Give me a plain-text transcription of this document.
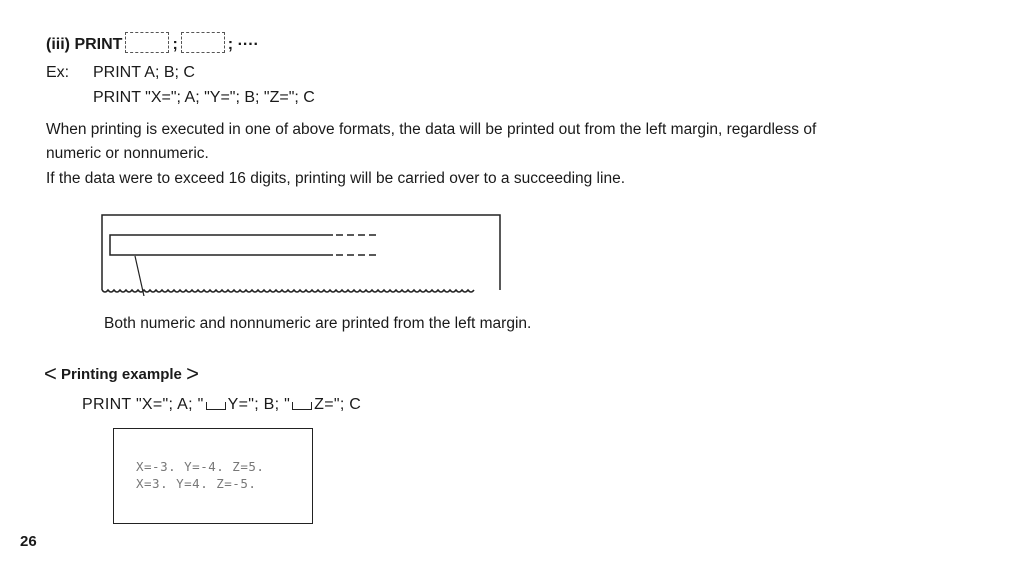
(iii) PRINT	;	; ····
Ex: PRINT A; B; C
PRINT "X="; A; "Y="; B; "Z="; C
When printing is executed in one of above formats, the data will be printed out from the left margin, regardless of
numeric or nonnumeric.
If the data were to exceed 16 digits, printing will be carried over to a succeeding line.
Both numeric and nonnumeric are printed from the left margin.
< Printing example >
PRINT "X="; A; " Y="; B; " Z="; C
X=-3. Y=-4. Z=5.
X=3. Y=4. Z=-5.
26
